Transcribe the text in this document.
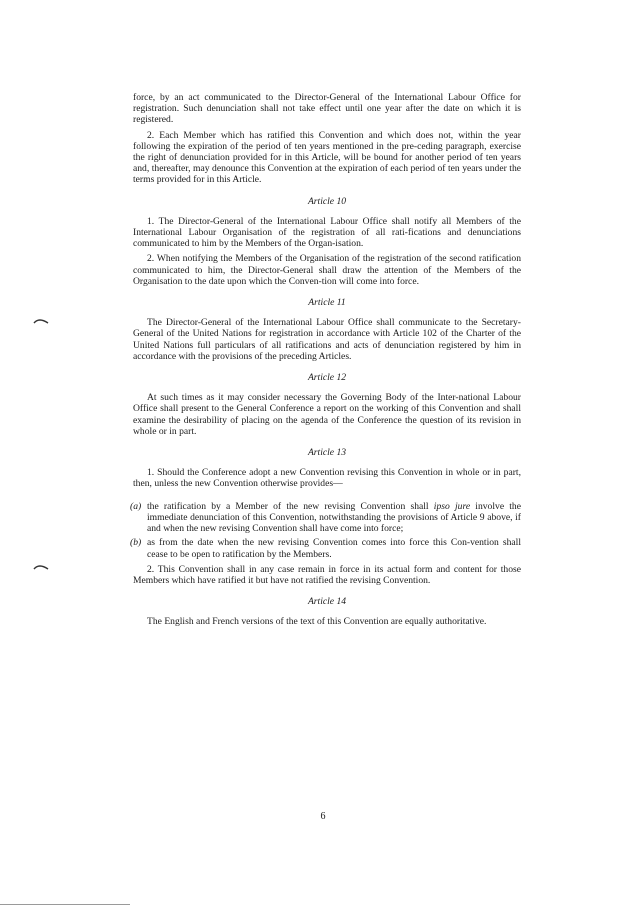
force, by an act communicated to the Director-General of the International Labour Office for registration. Such denunciation shall not take effect until one year after the date on which it is registered.

2. Each Member which has ratified this Convention and which does not, within the year following the expiration of the period of ten years mentioned in the pre-ceding paragraph, exercise the right of denunciation provided for in this Article, will be bound for another period of ten years and, thereafter, may denounce this Convention at the expiration of each period of ten years under the terms provided for in this Article.

Article 10

1. The Director-General of the International Labour Office shall notify all Members of the International Labour Organisation of the registration of all rati-fications and denunciations communicated to him by the Members of the Organ-isation.

2. When notifying the Members of the Organisation of the registration of the second ratification communicated to him, the Director-General shall draw the attention of the Members of the Organisation to the date upon which the Conven-tion will come into force.

Article 11

The Director-General of the International Labour Office shall communicate to the Secretary-General of the United Nations for registration in accordance with Article 102 of the Charter of the United Nations full particulars of all ratifications and acts of denunciation registered by him in accordance with the provisions of the preceding Articles.

Article 12

At such times as it may consider necessary the Governing Body of the Inter-national Labour Office shall present to the General Conference a report on the working of this Convention and shall examine the desirability of placing on the agenda of the Conference the question of its revision in whole or in part.

Article 13

1. Should the Conference adopt a new Convention revising this Convention in whole or in part, then, unless the new Convention otherwise provides—

(a) the ratification by a Member of the new revising Convention shall ipso jure involve the immediate denunciation of this Convention, notwithstanding the provisions of Article 9 above, if and when the new revising Convention shall have come into force;
(b) as from the date when the new revising Convention comes into force this Con-vention shall cease to be open to ratification by the Members.

2. This Convention shall in any case remain in force in its actual form and content for those Members which have ratified it but have not ratified the revising Convention.

Article 14

The English and French versions of the text of this Convention are equally authoritative.

6
